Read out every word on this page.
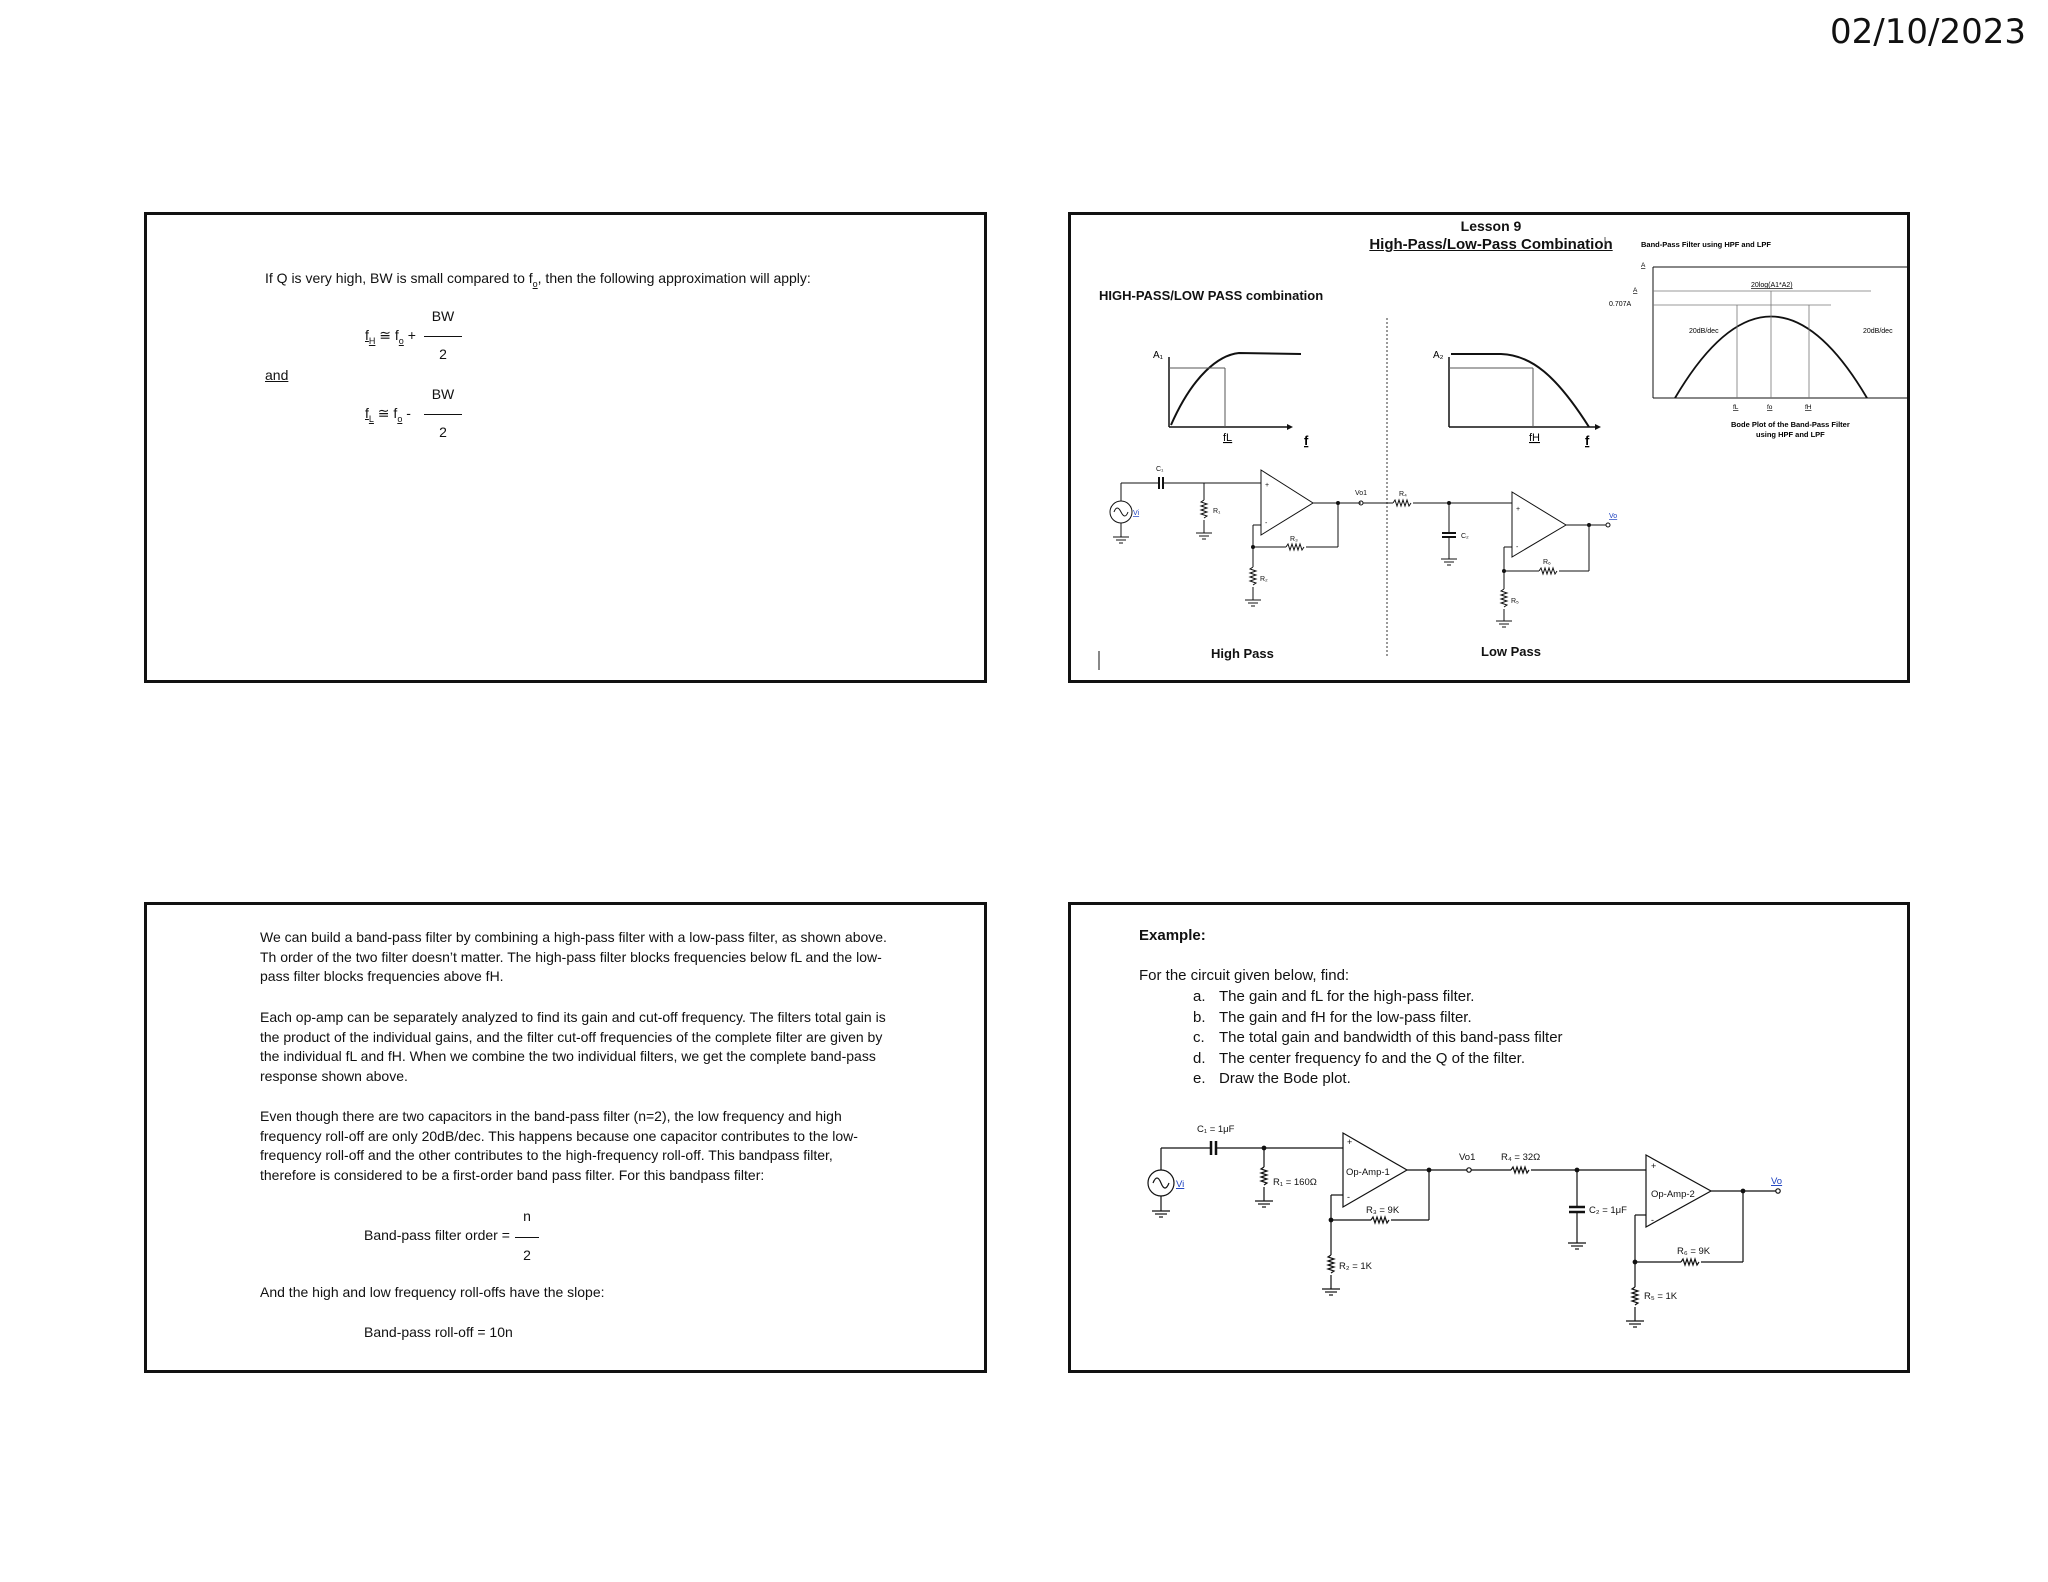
02/10/2023
If Q is very high, BW is small compared to $f_o$, then the following approximation will apply:
$f_H$ ≅ $f_o$ +
BW
2
and
$f_L$ ≅ $f_o$ -
BW
2
Lesson 9
High-Pass/Low-Pass Combination
HIGH-PASS/LOW PASS combination
A₁
fL	f
A₂
fH	f
Band-Pass Filter using HPF and LPF
A
A
0.707A
20log(A1*A2)
20dB/dec	20dB/dec
fL	fo	fH
Bode Plot of the Band-Pass Filter
using HPF and LPF
Vi
C₁
R₁
R₃
R₂
+
-
Vo1	R₄
C₂
R₆
R₅
+
-
Vo
High Pass	Low Pass
We can build a band-pass filter by combining a high-pass filter with a low-pass filter, as shown above. Th order of the two filter doesn’t matter. The high-pass filter blocks frequencies below fL and the low-pass filter blocks frequencies above fH.
Each op-amp can be separately analyzed to find its gain and cut-off frequency. The filters total gain is the product of the individual gains, and the filter cut-off frequencies of the complete filter are given by the individual fL and fH. When we combine the two individual filters, we get the complete band-pass response shown above.
Even though there are two capacitors in the band-pass filter (n=2), the low frequency and high frequency roll-off are only 20dB/dec. This happens because one capacitor contributes to the low-frequency roll-off and the other contributes to the high-frequency roll-off. This bandpass filter, therefore is considered to be a first-order band pass filter. For this bandpass filter:
Band-pass filter order =
n
2
And the high and low frequency roll-offs have the slope:
Band-pass roll-off = 10n
Example:
For the circuit given below, find:
a. The gain and fL for the high-pass filter.
b. The gain and fH for the low-pass filter.
c. The total gain and bandwidth of this band-pass filter
d. The center frequency fo and the Q of the filter.
e. Draw the Bode plot.
Vi
C₁ = 1μF
R₁ = 160Ω
Op-Amp-1
+
-
R₃ = 9K
R₂ = 1K
Vo1	R₄ = 32Ω
C₂ = 1μF
Op-Amp-2
+
-
R₆ = 9K
R₅ = 1K
Vo
